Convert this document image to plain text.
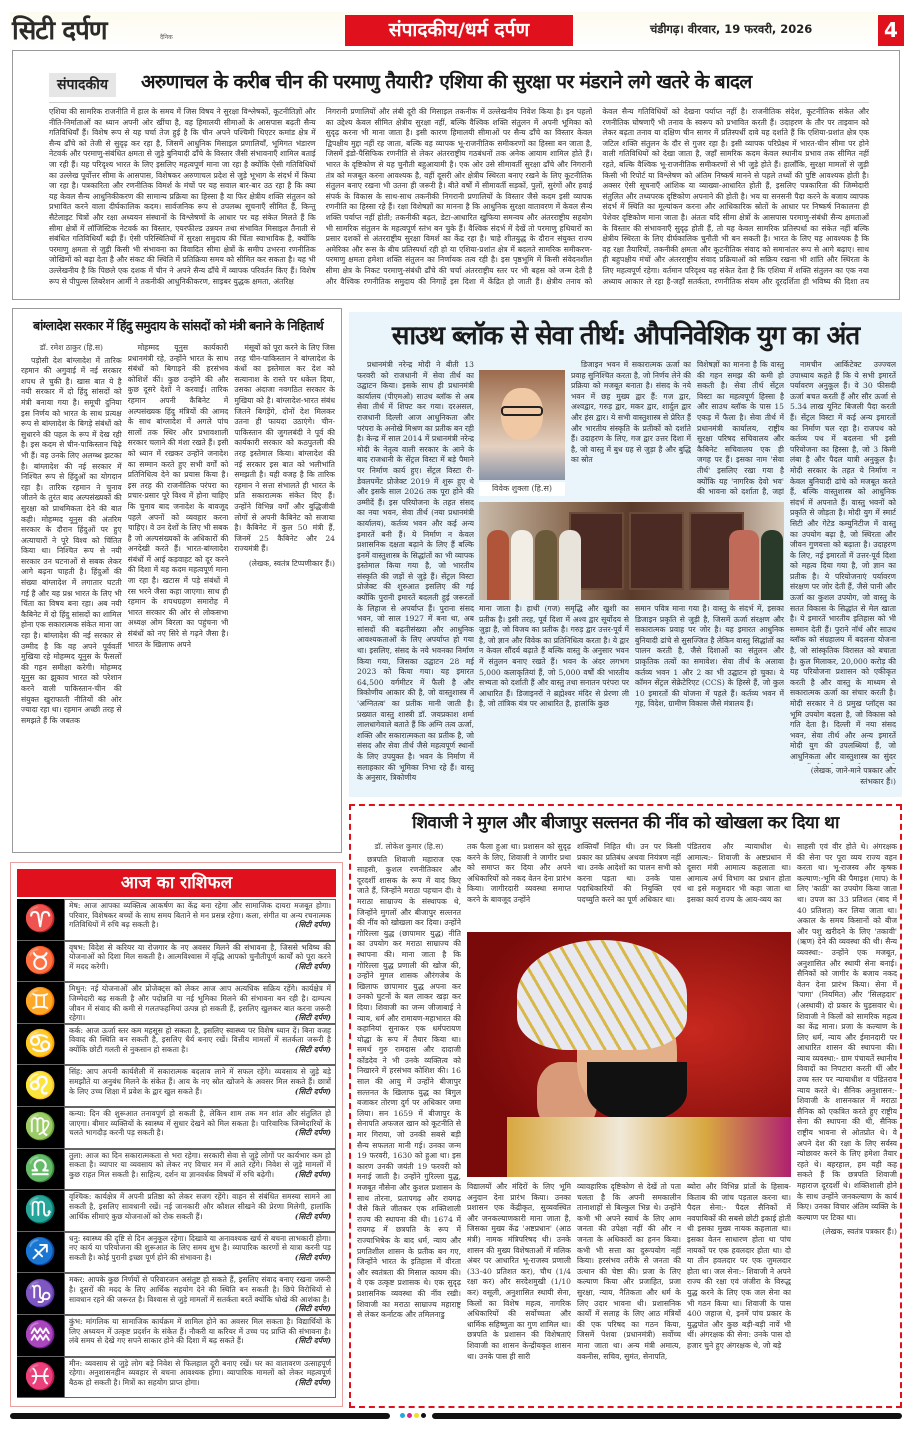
सिटी दर्पण	दैनिक	संपादकीय/धर्म दर्पण	चंडीगढ़। वीरवार, 19 फरवरी, 2026	4
संपादकीय	अरुणाचल के करीब चीन की परमाणु तैयारी? एशिया की सुरक्षा पर मंडराने लगे खतरे के बादल
एशिया की सामरिक राजनीति में हाल के समय में जिस विषय ने सुरक्षा विश्लेषकों, कूटनीतिज्ञों और नीति-निर्माताओं का ध्यान अपनी ओर खींचा है, वह हिमालयी सीमाओं के आसपास बढ़ती सैन्य गतिविधियाँ हैं। विशेष रूप से यह चर्चा तेज हुई है कि चीन अपने पश्चिमी थिएटर कमांड क्षेत्र में सैन्य ढाँचे को तेजी से सुदृढ़ कर रहा है, जिसमें आधुनिक मिसाइल प्रणालियाँ, भूमिगत भंडारण नेटवर्क और परमाणु-संबंधित क्षमता से जुड़े बुनियादी ढाँचे के विस्तार जैसी संभावनाएँ शामिल बताई जा रही हैं। यह परिदृश्य भारत के लिए इसलिए महत्वपूर्ण माना जा रहा है क्योंकि ऐसी गतिविधियों का उल्लेख पूर्वोत्तर सीमा के आसपास, विशेषकर अरुणाचल प्रदेश से जुड़े भूभाग के संदर्भ में किया जा रहा है। पत्रकारिता और रणनीतिक विमर्श के मंचों पर यह सवाल बार-बार उठ रहा है कि क्या यह केवल सैन्य आधुनिकीकरण की सामान्य प्रक्रिया का हिस्सा है या फिर क्षेत्रीय शक्ति संतुलन को प्रभावित करने वाला दीर्घकालिक कदम। सार्वजनिक रूप से उपलब्ध सूचनाएँ सीमित हैं, किन्तु सैटेलाइट चित्रों और रक्षा अध्ययन संस्थानों के विश्लेषणों के आधार पर यह संकेत मिलते हैं कि सीमा क्षेत्रों में लॉजिस्टिक नेटवर्क का विस्तार, एयरफील्ड उन्नयन तथा संभावित मिसाइल तैनाती से संबंधित गतिविधियाँ बढ़ी हैं। ऐसी परिस्थितियों में सुरक्षा समुदाय की चिंता स्वाभाविक है, क्योंकि परमाणु क्षमता से जुड़ी किसी भी संभावना का विवादित सीमा क्षेत्रों के समीप उभरना रणनीतिक जोखिमों को बढ़ा देता है और संकट की स्थिति में प्रतिक्रिया समय को सीमित कर सकता है। यह भी उल्लेखनीय है कि पिछले एक दशक में चीन ने अपने सैन्य ढाँचे में व्यापक परिवर्तन किए हैं। विशेष रूप से पीपुल्स लिबरेशन आर्मी ने तकनीकी आधुनिकीकरण, साइबर युद्धक क्षमता, अंतरिक्ष
निगरानी प्रणालियों और लंबी दूरी की मिसाइल तकनीक में उल्लेखनीय निवेश किया है। इन पहलों का उद्देश्य केवल सीमित क्षेत्रीय सुरक्षा नहीं, बल्कि वैश्विक शक्ति संतुलन में अपनी भूमिका को सुदृढ़ करना भी माना जाता है। इसी कारण हिमालयी सीमाओं पर सैन्य ढाँचे का विस्तार केवल द्विपक्षीय मुद्दा नहीं रह जाता, बल्कि वह व्यापक भू-राजनीतिक समीकरणों का हिस्सा बन जाता है, जिसमें इंडो-पैसिफिक रणनीति से लेकर अंतरराष्ट्रीय गठबंधनों तक अनेक आयाम शामिल होते हैं। भारत के दृष्टिकोण से यह चुनौती बहुआयामी है। एक ओर उसे सीमावर्ती सुरक्षा ढाँचे और निगरानी तंत्र को मजबूत करना आवश्यक है, वहीं दूसरी ओर क्षेत्रीय स्थिरता बनाए रखने के लिए कूटनीतिक संतुलन बनाए रखना भी उतना ही जरूरी है। बीते वर्षों में सीमावर्ती सड़कों, पुलों, सुरंगों और हवाई संपर्क के विकास के साथ-साथ तकनीकी निगरानी प्रणालियों के विस्तार जैसे कदम इसी व्यापक रणनीति का हिस्सा रहे हैं। रक्षा विशेषज्ञों का मानना है कि आधुनिक सुरक्षा वातावरण में केवल सैन्य शक्ति पर्याप्त नहीं होती; तकनीकी बढ़त, डेटा-आधारित खुफिया समन्वय और अंतरराष्ट्रीय सहयोग भी सामरिक संतुलन के महत्वपूर्ण स्तंभ बन चुके हैं। वैश्विक संदर्भ में देखें तो परमाणु हथियारों का प्रसार दशकों से अंतरराष्ट्रीय सुरक्षा विमर्श का केंद्र रहा है। चाहे शीतयुद्ध के दौरान संयुक्त राज्य अमेरिका और रूस के बीच प्रतिस्पर्धा रही हो या एशिया-प्रशांत क्षेत्र में बदलते सामरिक समीकरण-परमाणु क्षमता हमेशा शक्ति संतुलन का निर्णायक तत्व रही है। इस पृष्ठभूमि में किसी संवेदनशील सीमा क्षेत्र के निकट परमाणु-संबंधी ढाँचे की चर्चा अंतरराष्ट्रीय स्तर पर भी बहस को जन्म देती है और वैश्विक रणनीतिक समुदाय की निगाहें इस दिशा में केंद्रित हो जाती हैं। क्षेत्रीय तनाव को
केवल सैन्य गतिविधियों को देखना पर्याप्त नहीं है। राजनीतिक संदेश, कूटनीतिक संकेत और रणनीतिक घोषणाएँ भी तनाव के स्वरूप को प्रभावित करती हैं। उदाहरण के तौर पर ताइवान को लेकर बढ़ता तनाव या दक्षिण चीन सागर में प्रतिस्पर्धी दावे यह दर्शाते हैं कि एशिया-प्रशांत क्षेत्र एक जटिल शक्ति संतुलन के दौर से गुजर रहा है। इसी व्यापक परिप्रेक्ष्य में भारत-चीन सीमा पर होने वाली गतिविधियों को देखा जाता है, जहाँ सामरिक कदम केवल स्थानीय प्रभाव तक सीमित नहीं रहते, बल्कि वैश्विक भू-राजनीतिक समीकरणों से भी जुड़े होते हैं। हालाँकि, सुरक्षा मामलों से जुड़ी किसी भी रिपोर्ट या विश्लेषण को अंतिम निष्कर्ष मानने से पहले तथ्यों की पुष्टि आवश्यक होती है। अक्सर ऐसी सूचनाएँ आंशिक या व्याख्या-आधारित होती हैं, इसलिए पत्रकारिता की जिम्मेदारी संतुलित और तथ्यपरक दृष्टिकोण अपनाने की होती है। भय या सनसनी पैदा करने के बजाय व्यापक संदर्भ में स्थिति का मूल्यांकन करना और आधिकारिक स्रोतों के आधार पर निष्कर्ष निकालना ही पेशेवर दृष्टिकोण माना जाता है। अंततः यदि सीमा क्षेत्रों के आसपास परमाणु-संबंधी सैन्य क्षमताओं के विस्तार की संभावनाएँ सुदृढ़ होती हैं, तो यह केवल सामरिक प्रतिस्पर्धा का संकेत नहीं बल्कि क्षेत्रीय स्थिरता के लिए दीर्घकालिक चुनौती भी बन सकती है। भारत के लिए यह आवश्यक है कि वह रक्षा तैयारियों, तकनीकी क्षमता और कूटनीतिक संवाद को समानांतर रूप से आगे बढ़ाए। साथ ही बहुपक्षीय मंचों और अंतरराष्ट्रीय संवाद प्रक्रियाओं को सक्रिय रखना भी शांति और स्थिरता के लिए महत्वपूर्ण रहेगा। वर्तमान परिदृश्य यह संकेत देता है कि एशिया में शक्ति संतुलन का एक नया अध्याय आकार ले रहा है-जहाँ सतर्कता, रणनीतिक संयम और दूरदर्शिता ही भविष्य की दिशा तय
बांग्लादेश सरकार में हिंदु समुदाय के सांसदों को मंत्री बनाने के निहितार्थ
डॉ. रमेश ठाकुर (हि.स)

पड़ोसी देश बांग्लादेश में तारिक रहमान की अगुवाई में नई सरकार शपथ ले चुकी है। खास बात ये है नयी सरकार में दो हिंदु सांसदों को मंत्री बनाया गया है। समूची दुनिया इस निर्णय को भारत के साथ प्रत्यक्ष रूप से बांग्लादेश के बिगड़े संबंधों को सुधारने की पहल के रूप में देख रही है। इस कदम से चीन-पाकिस्तान चिढ़े भी हैं। वह उनके लिए अलग्ब्ध झटका है। बांग्लादेश की नई सरकार में निश्चित रूप से हिंदुओं का योगदान रहा है। तारिक रहमान ने चुनाव जीतने के तुरंत बाद अल्पसंख्यकों की सुरक्षा को प्राथमिकता देने की बात कही। मोहम्मद यूनुस की अंतरिम सरकार के दौरान हिंदुओं पर हुए अत्याचारों ने पूरे विश्व को चिंतित किया था। निश्चित रूप से नयी सरकार उन घटनाओं से सबक लेकर आगे बढ़ना चाहती है। हिंदुओं की संख्या बांग्लादेश में लगातार घटती गई है और यह प्रश्न भारत के लिए भी चिंता का विषय बना रहा। अब नयी कैबिनेट में दो हिंदु सांसदों का शामिल होना एक सकारात्मक संकेत माना जा रहा है। बांग्लादेश की नई सरकार से उम्मीद है कि वह अपने पूर्ववर्ती मुखिया रहे मोहम्मद यूनुस के फैसलों की गहन समीक्षा करेगी। मोहम्मद यूनुस का झुकाव भारत को परेशान करने वाली पाकिस्तान-चीन की संयुक्त खुराफाती नीतियों की ओर ज्यादा रहा था। रहमान अच्छी तरह से समझते हैं कि जबतक

मोहम्मद यूनुस कार्यकारी प्रधानमंत्री रहे, उन्होंने भारत के साथ संबंधों को बिगाड़ने की हरसंभव कोशिशें कीं। कुछ उन्होंने की और कुछ दूसरे देशों ने करवाईं। तारिक रहमान अपनी कैबिनेट में अल्पसंख्यक हिंदु मंत्रियों की आमद के साथ बांग्लादेश में अगले पांच सालों तक स्थिर और प्रभावशाली सरकार चलाने की मंशा रखते हैं। इसी को ध्यान में रखकर उन्होंने जनादेश का सम्मान करते हुए सभी वर्गों को प्रतिनिधित्व देने का प्रयास किया है। इस तरह की राजनीतिक परंपरा का प्रचार-प्रसार पूरे विश्व में होना चाहिए कि चुनाव बाद जनादेश के बावजूद पहले अपनों को व्यवहार करना चाहिए। वे उन देशों के लिए भी सबक है जो अल्पसंख्यकों के अधिकारों की अनदेखी करते हैं। भारत-बांग्लादेश संबंधों में आई कड़वाहट को दूर करने की दिशा में यह कदम महत्वपूर्ण माना जा रहा है। खटास में पड़े संबंधों में रस भरने जैसा कहा जाएगा। साथ ही रहमान के शपथग्रहण समारोह में भारत सरकार की ओर से लोकसभा अध्यक्ष ओम बिरला का पहुंचना भी संबंधों को नए सिरे से गढ़ने जैसा है। भारत के खिलाफ अपने

मंसूबों को पूरा करने के लिए जिस तरह चीन-पाकिस्तान ने बांग्लादेश के कंधों का इस्तेमाल कर देश को सत्यानाश के रास्ते पर धकेल दिया, उसका अंदाजा नवगठित सरकार के मुखिया को है। बांग्लादेश-भारत संबंध जितने बिगड़ेंगे, दोनों देश मिलकर उतना ही फायदा उठाएंगे। चीन-पाकिस्तान की जुगलबंदी ने पूर्व की कार्यकारी सरकार को कठपुतली की तरह इस्तेमाल किया। बांग्लादेश की नई सरकार इस बात को भलीभांति समझती है। यही वजह है कि तारिक रहमान ने सत्ता संभालते ही भारत के प्रति सकारात्मक संकेत दिए हैं। उन्होंने विभिन्न वर्गों और बुद्धिजीवी लोगों से अपनी कैबिनेट को सजाया है। कैबिनेट में कुल 50 मंत्री हैं, जिनमें 25 कैबिनेट और 24 राज्यमंत्री हैं।

(लेखक, स्वतंत्र टिप्पणीकार हैं।)
साउथ ब्लॉक से सेवा तीर्थ: औपनिवेशिक युग का अंत

प्रधानमंत्री नरेन्द्र मोदी ने बीती 13 फरवरी को राजधानी में सेवा तीर्थ का उद्घाटन किया। इसके साथ ही प्रधानमंत्री कार्यालय (पीएमओ) साउथ ब्लॉक से अब सेवा तीर्थ में शिफ्ट कर गया। दरअसल, राजधानी दिल्ली आज आधुनिकता और परंपरा के अनोखे मिश्रण का प्रतीक बन रही है। केन्द्र में साल 2014 में प्रधानमंत्री नरेन्द्र मोदी के नेतृत्व वाली सरकार के आने के बाद राजधानी के सेंट्रल विस्टा में बड़े पैमाने पर निर्माण कार्य हुए। सेंट्रल विस्टा री-डेवलपमेंट प्रोजेक्ट 2019 में शुरू हुए थे और इसके साल 2026 तक पूरा होने की उम्मीदें हैं। इस परियोजना के तहत संसद का नया भवन, सेवा तीर्थ (नया प्रधानमंत्री कार्यालय), कर्तव्य भवन और कई अन्य इमारतें बनी हैं। ये निर्माण न केवल प्रशासनिक दक्षता बढ़ाने के लिए हैं बल्कि इनमें वास्तुशास्त्र के सिद्धांतों का भी व्यापक इस्तेमाल किया गया है, जो भारतीय संस्कृति की जड़ों से जुड़े हैं। सेंट्रल विस्टा प्रोजेक्ट की शुरुआत इसलिए की गई क्योंकि पुरानी इमारतें बदलती हुई जरूरतों के लिहाज से अपर्याप्त हैं। पुराना संसद भवन, जो साल 1927 में बना था, अब सांसदों की बढ़तीसंख्या और आधुनिक आवश्यकताओं के लिए अपर्याप्त हो गया था। इसलिए, संसद के नये भवनका निर्माण किया गया, जिसका उद्घाटन 28 मई 2023 को किया गया। यह इमारत 64,500 वर्गमीटर में फैली है और त्रिकोणीय आकार की है, जो वास्तुशास्त्र में 'अग्नितत्व' का प्रतीक मानी जाती है। प्रख्यात वास्तु शास्त्री डॉ. जयप्रकाश शर्मा लालधागेवाले बताते हैं कि अग्नि तत्व ऊर्जा, शक्ति और सकारात्मकता का प्रतीक है, जो संसद और सेवा तीर्थ जैसे महत्वपूर्ण स्थानों के लिए उपयुक्त है। भवन के निर्माण में सलाहकार की भूमिका निभा रहे हैं। वास्तु के अनुसार, त्रिकोणीय

विवेक शुक्ला (हि.स)

डिजाइन भवन में सकारात्मक ऊर्जा का प्रवाह सुनिश्चित करता है, जो निर्णय लेने की प्रक्रिया को मजबूत बनाता है। संसद के नये भवन में छह मुख्य द्वार हैं: गज द्वार, अश्वद्वार, गरुड़ द्वार, मकर द्वार, शार्दुल द्वार और हंस द्वार। ये सभी वास्तुशास्त्र से प्रेरित हैं और भारतीय संस्कृति के प्रतीकों को दर्शाते हैं। उदाहरण के लिए, गज द्वार उत्तर दिशा में है, जो वास्तु में बुध ग्रह से जुड़ा है और बुद्धि का स्रोत

विशेषज्ञों का मानना है कि वास्तु की गहन समझ की कमी हो सकती है। सेवा तीर्थ सेंट्रल विस्टा का महत्वपूर्ण हिस्सा है और साउथ ब्लॉक के पास 15 एकड़ में फैला है। सेवा तीर्थ में प्रधानमंत्री कार्यालय, राष्ट्रीय सुरक्षा परिषद सचिवालय और कैबिनेट सचिवालय एक ही जगह पर हैं। इसका नाम 'सेवा तीर्थ' इसलिए रखा गया है क्योंकि यह 'नागरिक देवो भव' की भावना को दर्शाता है, जहां

माना जाता है। हाथी (गज) समृद्धि और खुशी का प्रतीक है। इसी तरह, पूर्व दिशा में अश्व द्वार सूर्योदय से जुड़ा है, जो विजय का प्रतीक है। गरुड़ द्वार उत्तर-पूर्व में है, जो ज्ञान और विवेक का प्रतिनिधित्व करता है। ये द्वार न केवल सौंदर्य बढ़ाते हैं बल्कि वास्तु के अनुसार भवन में संतुलन बनाए रखते हैं। भवन के अंदर लगभग 5,000 कलाकृतियां हैं, जो 5,000 वर्षों की भारतीय सभ्यता को दर्शाती हैं और वास्तु तथा सनातन परंपरा पर आधारित हैं। डिजाइनरों ने ब्रह्मेश्वर मंदिर से प्रेरणा ली है, जो तांत्रिक यंत्र पर आधारित है, हालांकि कुछ

समान पवित्र माना गया है। वास्तु के संदर्भ में, इसका डिजाइन प्रकृति से जुड़ी है, जिसमें ऊर्जा संरक्षण और सकारात्मक प्रवाह पर जोर है। यह इमारत आधुनिक बुनियादी ढांचे से सुसज्जित है लेकिन वास्तु सिद्धांतों का पालन करती है, जैसे दिशाओं का संतुलन और प्राकृतिक तत्वों का समावेश। सेवा तीर्थ के अलावा कर्तव्य भवन 1 और 2 का भी उद्घाटन हो चुका। ये कॉमन सेंट्रल सेक्रेटेरिएट (CCS) के हिस्से हैं, जो कुल 10 इमारतों की योजना में पहले हैं। कर्तव्य भवन में गृह, विदेश, ग्रामीण विकास जैसे मंत्रालय हैं।

नामचीन आर्किटेक्ट उज्ज्वल उपाध्याय कहते हैं कि ये सभी इमारतें पर्यावरण अनुकूल हैं। वे 30 फीसदी ऊर्जा बचत करती हैं और सौर ऊर्जा से 5.34 लाख यूनिट बिजली पैदा करती हैं। सेंट्रल विस्टा में कई अन्य इमारतों का निर्माण चल रहा है। राजपथ को कर्तव्य पथ में बदलना भी इसी परियोजना का हिस्सा है, जो 3 किमी लंबा है और पैदल यात्री अनुकूल है। मोदी सरकार के तहत ये निर्माण न केवल बुनियादी ढांचे को मजबूत करते हैं, बल्कि वास्तुशास्त्र को आधुनिक संदर्भ में अपनाते हैं। वास्तु भवनों को प्रकृति से जोड़ता है। मोदी युग में स्मार्ट सिटी और गेटेड कम्युनिटीज में वास्तु का उपयोग बढ़ा है, जो स्थिरता और जीवन गुणवत्ता को बढ़ाता है। उदाहरण के लिए, नई इमारतों में उत्तर-पूर्व दिशा को महत्व दिया गया है, जो ज्ञान का प्रतीक है। ये परियोजनाएं पर्यावरण संरक्षण पर जोर देती हैं, जैसे पानी और ऊर्जा का कुशल उपयोग, जो वास्तु के सतत विकास के सिद्धांत से मेल खाता है। ये इमारतें भारतीय इतिहास को भी सम्मान देती हैं। पुराने नॉर्थ और साउथ ब्लॉक को संग्रहालय में बदलना योजना है, जो सांस्कृतिक विरासत को बचाता है। कुल मिलाकर, 20,000 करोड़ की यह परियोजना प्रशासन को एकीकृत करती है और वास्तु के माध्यम से सकारात्मक ऊर्जा का संचार करती है। मोदी सरकार ने 8 प्रमुख प्लॉट्स का भूमि उपयोग बदला है, जो विकास को गति देता है। दिल्ली में नया संसद भवन, सेवा तीर्थ और अन्य इमारतें मोदी युग की उपलब्धियां हैं, जो आधुनिकता और वास्तुशास्त्र का सुंदर

(लेखक, जाने-माने पत्रकार और स्तंभकार हैं।)
आज का राशिफल
♈	मेष: आज आपका व्यक्तित्व आकर्षण का केंद्र बना रहेगा और सामाजिक दायरा मजबूत होगा। परिवार, विशेषकर बच्चों के साथ समय बिताने से मन प्रसन्न रहेगा। कला, संगीत या अन्य रचनात्मक गतिविधियों में रुचि बढ़ सकती है।	(सिटी दर्पण)
♉	वृषभ: विदेश से करियर या रोजगार के नए अवसर मिलने की संभावना है, जिससे भविष्य की योजनाओं को दिशा मिल सकती है। आत्मविश्वास में वृद्धि आपको चुनौतीपूर्ण कार्यों को पूरा करने में मदद करेगी।	(सिटी दर्पण)
♊	मिथुन: नई योजनाओं और प्रोजेक्ट्स को लेकर आज आप अत्यधिक सक्रिय रहेंगे। कार्यक्षेत्र में जिम्मेदारी बढ़ सकती है और पदोन्नति या नई भूमिका मिलने की संभावना बन रही है। दाम्पत्य जीवन में संवाद की कमी से गलतफहमियां उत्पन्न हो सकती हैं, इसलिए खुलकर बात करना जरूरी रहेगा।	(सिटी दर्पण)
♋	कर्क: आज ऊर्जा स्तर कम महसूस हो सकता है, इसलिए स्वास्थ्य पर विशेष ध्यान दें। बिना वजह विवाद की स्थिति बन सकती है, इसलिए धैर्य बनाए रखें। वित्तीय मामलों में सतर्कता जरूरी है क्योंकि छोटी गलती से नुकसान हो सकता है।	(सिटी दर्पण)
♌	सिंह: आप अपनी कार्यशैली में सकारात्मक बदलाव लाने में सफल रहेंगे। व्यवसाय से जुड़े बड़े समझौते या अनुबंध मिलने के संकेत हैं। आय के नए स्रोत खोजने के अवसर मिल सकते हैं। छात्रों के लिए उच्च शिक्षा में प्रवेश के द्वार खुल सकते हैं।	(सिटी दर्पण)
♍	कन्या: दिन की शुरूआत तनावपूर्ण हो सकती है, लेकिन शाम तक मन शांत और संतुलित हो जाएगा। बीमार व्यक्तियों के स्वास्थ्य में सुधार देखने को मिल सकता है। पारिवारिक जिम्मेदारियों के चलते भागदौड़ करनी पड़ सकती है।	(सिटी दर्पण)
♎	तुला: आज का दिन सकारात्मकता से भरा रहेगा। सरकारी सेवा से जुड़े लोगों पर कार्यभार कम हो सकता है। व्यापार या व्यवसाय को लेकर नए विचार मन में आते रहेंगे। निवेश से जुड़े मामलों में कुछ राहत मिल सकती है। साहित्य, दर्शन या ज्ञानवर्धक विषयों में रुचि बढ़ेगी।	(सिटी दर्पण)
♏	वृश्चिक: कार्यक्षेत्र में अपनी प्रतिष्ठा को लेकर सजग रहेंगे। वाहन से संबंधित समस्या सामने आ सकती है, इसलिए सावधानी रखें। नई जानकारी और कौशल सीखने की प्रेरणा मिलेगी, हालांकि आर्थिक सीमाएं कुछ योजनाओं को रोक सकती हैं।	(सिटी दर्पण)
♐	धनु: स्वास्थ्य की दृष्टि से दिन अनुकूल रहेगा। दिखावे या अनावश्यक खर्च से बचना लाभकारी होगा। नए कार्य या परियोजना की शुरूआत के लिए समय शुभ है। व्यापारिक कारणों से यात्रा करनी पड़ सकती है। कोई पुरानी इच्छा पूर्ण होने की संभावना है।	(सिटी दर्पण)
♑	मकर: आपके कुछ निर्णयों से परिवारजन असंतुष्ट हो सकते हैं, इसलिए संवाद बनाए रखना जरूरी है। दूसरों की मदद के लिए आर्थिक सहयोग देने की स्थिति बन सकती है। छिपे विरोधियों से सावधान रहने की जरूरत है। विश्वास से जुड़े मामलों में सतर्कता बरतें क्योंकि धोखे की आशंका है।
(सिटी दर्पण)
♒	कुंभ: मांगलिक या सामाजिक कार्यक्रम में शामिल होने का अवसर मिल सकता है। विद्यार्थियों के लिए अध्ययन में उत्कृष्ट प्रदर्शन के संकेत हैं। नौकरी या करियर में उच्च पद प्राप्ति की संभावना है। लंबे समय से देखे गए सपने साकार होने की दिशा में बढ़ सकते हैं।	(सिटी दर्पण)
♓	मीन: व्यवसाय से जुड़े लोग बड़े निवेश से फिलहाल दूरी बनाए रखें। घर का वातावरण उत्साहपूर्ण रहेगा। अनुशासनहीन व्यवहार से बचना आवश्यक होगा। व्यापारिक मामलों को लेकर महत्वपूर्ण बैठक हो सकती है। मित्रों का सहयोग प्राप्त होगा।	(सिटी दर्पण)
शिवाजी ने मुगल और बीजापुर सल्तनत की नींव को खोखला कर दिया था
डॉ. लोकेश कुमार (हि.स)

छत्रपति शिवाजी महाराज एक साहसी, कुशल रणनीतिकार और दूरदर्शी शासक के रूप में याद किए जाते हैं, जिन्होंने मराठा पहचान दी। वे मराठा साम्राज्य के संस्थापक थे, जिन्होंने मुगलों और बीजापुर सल्तनत की नींव को खोखला कर दिया। उन्होंने गोरिल्ला युद्ध (छापामार युद्ध) नीति का उपयोग कर मराठा साम्राज्य की स्थापना की। माना जाता है कि गोरिल्ला युद्ध प्रणाली की खोज की, उन्होंने मुगल शासक औरंगजेब के खिलाफ छापामार युद्ध अपना कर उनको घुटनों के बल लाकर खड़ा कर दिया। शिवाजी का जन्म जीजाबाई ने न्याय, धर्म और रामायण-महाभारत की कहानियां सुनाकर एक धर्मपरायण योद्धा के रूप में तैयार किया था। समर्थ गुरु रामदास और दादाजी कोंडदेव ने भी उनके व्यक्तित्व को निखारने में हरसंभव कोशिश की। 16 साल की आयु में उन्होंने बीजापुर सल्तनत के खिलाफ युद्ध का बिगुल बजाकर तोरणा दुर्ग पर अधिकार जमा लिया। सन 1659 में बीजापुर के सेनापति अफजल खान को कूटनीति से मार गिराया, जो उनकी सबसे बड़ी सैन्य सफलता मानी गई। उनका जन्म 19 फरवरी, 1630 को हुआ था। इस कारण उनकी जयंती 19 फरवरी को मनाई जाती है। उन्होंने गुरिल्ला युद्ध, मजबूत नौसेना और कुशल प्रशासन के साथ तोरना, प्रतापगढ़ और रायगढ़ जैसे किले जीतकर एक शक्तिशाली राज्य की स्थापना की थी। 1674 में रायगढ़ में छत्रपति के रूप में राज्याभिषेक के बाद धर्म, न्याय और प्रगतिशील शासन के प्रतीक बन गए, जिन्होंने भारत के इतिहास में वीरता और स्वतंत्रता की मिसाल कायम की। वे एक उत्कृष्ट प्रशासक थे। एक सुदृढ़ प्रशासनिक व्यवस्था की नींव रखी। शिवाजी का मराठा साम्राज्य महाराष्ट्र से लेकर कर्नाटक और तमिलनाडु

तक फैला हुआ था। प्रशासन को सुदृढ़ करने के लिए, शिवाजी ने जागीर प्रथा को समाप्त कर दिया और अपने अधिकारियों को नकद वेतन देना प्रारंभ किया। जागीरदारी व्यवस्था समाप्त करने के बावजूद उन्होंने

शक्तियाँ निहित थी। उन पर किसी प्रकार का प्रतिबंध अथवा नियंत्रण नहीं था। उनके आदेशों का पालन सभी को करना पड़ता था। उनके पास पदाधिकारियों की नियुक्ति एवं पदच्युति करने का पूर्ण अधिकार था।

पंडितराव और न्यायाधीश थे। आमात्य:- शिवाजी के अष्टप्रधान में दूसरा मंत्री आमात्य कहलाता था। आमात्य अर्थ विभाग का प्रधान होता था इसे मजुमदार भी कहा जाता था इसका कार्य राज्य के आय-व्यय का

विद्यालयों और मंदिरों के लिए भूमि अनुदान देना प्रारंभ किया। उनका प्रशासन एक केंद्रीकृत, सुव्यवस्थित और जनकल्याणकारी माना जाता है, जिसका मुख्य केंद्र 'अष्टप्रधान' (आठ मंत्री) नामक मंत्रिपरिषद थी। उनके शासन की मुख्य विशेषताओं में मलिक अंबर पर आधारित भू-राजस्व प्रणाली (33-40 प्रतिशत कर), चौथ (1/4 रक्षा कर) और सरदेशमुखी (1/10 कर) वसूली, अनुशासित स्थायी सेना, किलों का विशेष महत्व, नागरिक अधिकारियों की सर्वोच्चता और धार्मिक सहिष्णुता का गुण शामिल था। छत्रपति के प्रशासन की विशेषताएं शिवाजी का शासन केन्द्रीयकृत शासन था। उनके पास ही सारी

व्यावहारिक दृष्टिकोण से देखें तो पता चलता है कि अपनी समकालीन तानाशाहों से बिल्कुल भिन्न थे। उन्होंने कभी भी अपने स्वार्थ के लिए आम जनता की उपेक्षा नहीं की और न जनता के अधिकारों का हनन किया। कभी भी सत्ता का दुरूपयोग नहीं किया। हरसंभव तरीके से जनता की उत्थान की चेष्टा की। प्रजा के लिए कल्याण किया और प्रजाहित, प्रजा सुरक्षा, न्याय, नैतिकता और धर्म के लिए उदार भावना थी। प्रशासनिक कार्यों में सलाह के लिए आठ मंत्रियों की एक परिषद का गठन किया, जिसमें पेशवा (प्रधानमंत्री) सर्वोच्च माना जाता था। अन्य मंत्री अमात्य, वकनीस, सचिव, सुमंत, सेनापति,

ब्योरा और विभिन्न प्रांतों के हिसाब-किताब की जांच पड़ताल करना था। पैदल सेना:- पैदल सैनिकों में नवपायिकों की सबसे छोटी इकाई होती थी इसका मुख्य नायक कहलाता था। इसका वेतन साधारण होता था पांच नायकों पर एक हवलदार होता था। दो या तीन हवलदार पर एक जुमलदार होता था। जल सेना:- शिवाजी ने अपने राज्य की रक्षा एवं जंजीरा के विरुद्ध युद्ध करने के लिए एक जल सेना का भी गठन किया था। शिवाजी के पास 400 जहाज थे, इनमें पांच प्रकार के युद्धपोत और कुछ बड़ी-बड़ी नावें भी थीं। अंगरक्षक की सेना: उनके पास दो हजार चुने हुए अंगरक्षक थे, जो बड़े

साहसी एवं वीर होते थे। अंगरक्षक की सेना पर पूरा व्यय राज्य वहन करता था। भू-राजस्व और कृषक कल्याण:-भूमि की पैमाइश (माप) के लिए 'काठी' का उपयोग किया जाता था। उपज का 33 प्रतिशत (बाद में 40 प्रतिशत) कर लिया जाता था। अकाल के समय किसानों को बीज और पशु खरीदने के लिए 'तकावी' (ऋण) देने की व्यवस्था की थी। सैन्य व्यवस्था:- उन्होंने एक मजबूत, अनुशासित और स्थायी सेना बनाई। सैनिकों को जागीर के बजाय नकद वेतन देना प्रारंभ किया। सेना में 'पागा' (नियमित) और 'सिलहदार' (अस्थायी) दो प्रकार के घुड़सवार थे। शिवाजी ने किलों को सामरिक महत्व का केंद्र माना। प्रजा के कल्याण के लिए धर्म, न्याय और ईमानदारी पर आधारित शासन की स्थापना की। न्याय व्यवस्था:- ग्राम पंचायतें स्थानीय विवादों का निपटारा करती थीं और उच्च स्तर पर न्यायाधीश व पंडितराव न्याय करते थे। सैनिक अनुशासन:- शिवाजी के शासनकाल में मराठा सैनिक को एकत्रित करते हुए राष्ट्रीय सेना की स्थापना की थी, सैनिक राष्ट्रीय भावना से ओतप्रोत थे। वे अपने देश की रक्षा के लिए सर्वस्व न्योछावर करने के लिए हमेशा तैयार रहते थे। बहरहाल, हम यही कह सकते हैं कि छत्रपति शिवाजी महाराज दूरदर्शी थे। शक्तिशाली होने के साथ उन्होंने जनकल्याण के कार्य किए। उनका विचार अंतिम व्यक्ति के कल्याण पर टिका था।

(लेखक, स्वतंत्र पत्रकार हैं।)
